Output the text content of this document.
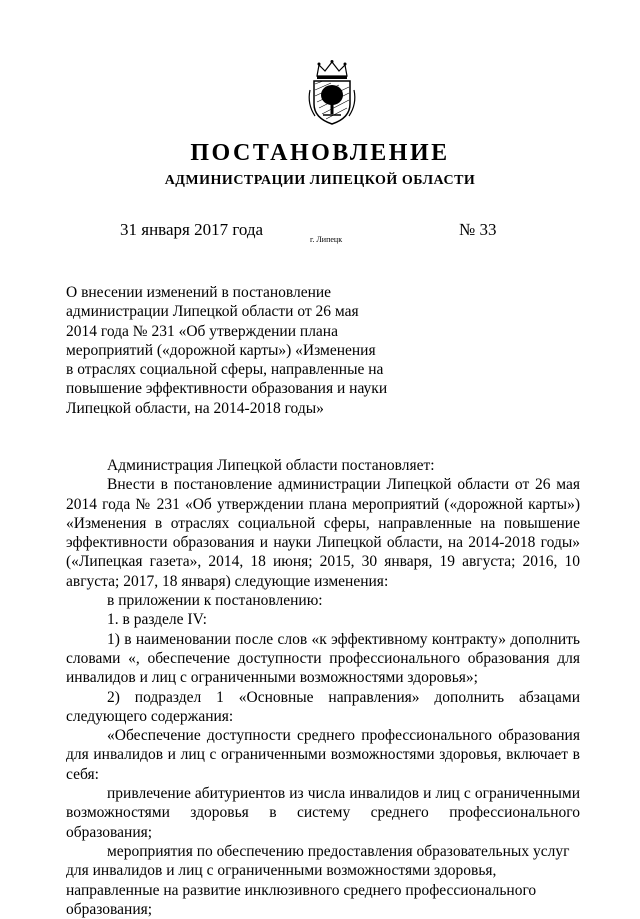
ПОСТАНОВЛЕНИЕ
АДМИНИСТРАЦИИ ЛИПЕЦКОЙ ОБЛАСТИ
31 января 2017 года
г. Липецк
№ 33
О внесении изменений в постановление
администрации Липецкой области от 26 мая
2014 года № 231 «Об утверждении плана
мероприятий («дорожной карты») «Изменения
в отраслях социальной сферы, направленные на
повышение эффективности образования и науки
Липецкой области, на 2014-2018 годы»

Администрация Липецкой области постановляет:

Внести в постановление администрации Липецкой области от 26 мая 2014 года № 231 «Об утверждении плана мероприятий («дорожной карты») «Изменения в отраслях социальной сферы, направленные на повышение эффективности образования и науки Липецкой области, на 2014-2018 годы» («Липецкая газета», 2014, 18 июня; 2015, 30 января, 19 августа; 2016, 10 августа; 2017, 18 января) следующие изменения:

в приложении к постановлению:

1. в разделе IV:

1) в наименовании после слов «к эффективному контракту» дополнить словами «, обеспечение доступности профессионального образования для инвалидов и лиц с ограниченными возможностями здоровья»;

2) подраздел 1 «Основные направления» дополнить абзацами следующего содержания:

«Обеспечение доступности среднего профессионального образования для инвалидов и лиц с ограниченными возможностями здоровья, включает в себя:

привлечение абитуриентов из числа инвалидов и лиц с ограниченными возможностями здоровья в систему среднего профессионального образования;

мероприятия по обеспечению предоставления образовательных услуг для инвалидов и лиц с ограниченными возможностями здоровья, направленные на развитие инклюзивного среднего профессионального образования;
